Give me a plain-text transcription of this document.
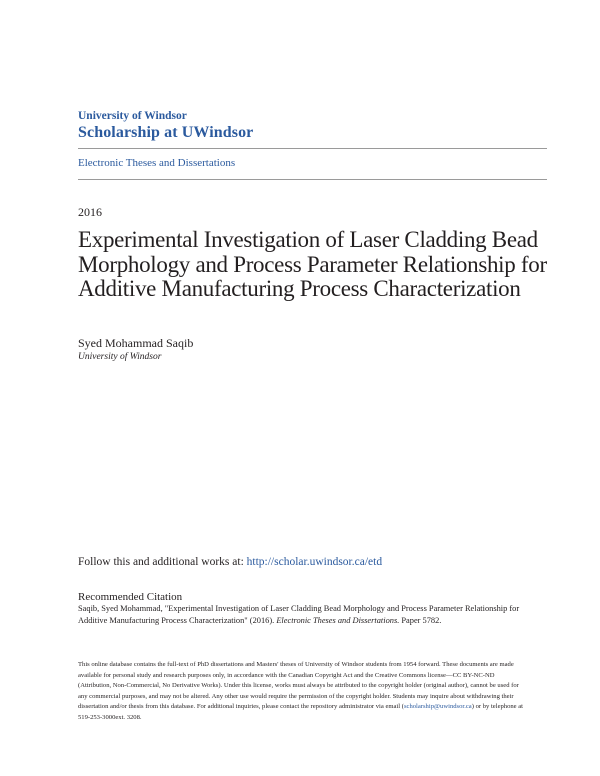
University of Windsor
Scholarship at UWindsor
Electronic Theses and Dissertations
2016
Experimental Investigation of Laser Cladding Bead Morphology and Process Parameter Relationship for Additive Manufacturing Process Characterization
Syed Mohammad Saqib
University of Windsor
Follow this and additional works at: http://scholar.uwindsor.ca/etd
Recommended Citation
Saqib, Syed Mohammad, "Experimental Investigation of Laser Cladding Bead Morphology and Process Parameter Relationship for Additive Manufacturing Process Characterization" (2016). Electronic Theses and Dissertations. Paper 5782.
This online database contains the full-text of PhD dissertations and Masters' theses of University of Windsor students from 1954 forward. These documents are made available for personal study and research purposes only, in accordance with the Canadian Copyright Act and the Creative Commons license—CC BY-NC-ND (Attribution, Non-Commercial, No Derivative Works). Under this license, works must always be attributed to the copyright holder (original author), cannot be used for any commercial purposes, and may not be altered. Any other use would require the permission of the copyright holder. Students may inquire about withdrawing their dissertation and/or thesis from this database. For additional inquiries, please contact the repository administrator via email (scholarship@uwindsor.ca) or by telephone at 519-253-3000ext. 3208.
